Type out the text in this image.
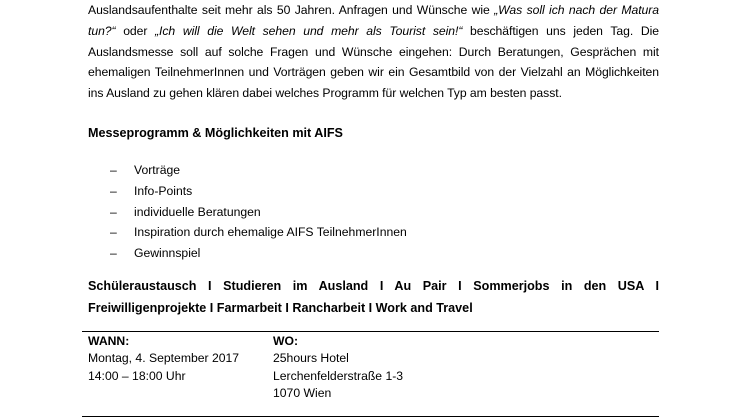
Auslandsaufenthalte seit mehr als 50 Jahren. Anfragen und Wünsche wie „Was soll ich nach der Matura tun?“ oder „Ich will die Welt sehen und mehr als Tourist sein!“ beschäftigen uns jeden Tag. Die Auslandsmesse soll auf solche Fragen und Wünsche eingehen: Durch Beratungen, Gesprächen mit ehemaligen TeilnehmerInnen und Vorträgen geben wir ein Gesamtbild von der Vielzahl an Möglichkeiten ins Ausland zu gehen klären dabei welches Programm für welchen Typ am besten passt.

Messeprogramm & Möglichkeiten mit AIFS
– Vorträge
– Info-Points
– individuelle Beratungen
– Inspiration durch ehemalige AIFS TeilnehmerInnen
– Gewinnspiel

Schüleraustausch I Studieren im Ausland I Au Pair I Sommerjobs in den USA I Freiwilligenprojekte I Farmarbeit I Rancharbeit I Work and Travel

WANN:
Montag, 4. September 2017
14:00 – 18:00 Uhr
WO:
25hours Hotel
Lerchenfelderstraße 1-3
1070 Wien
